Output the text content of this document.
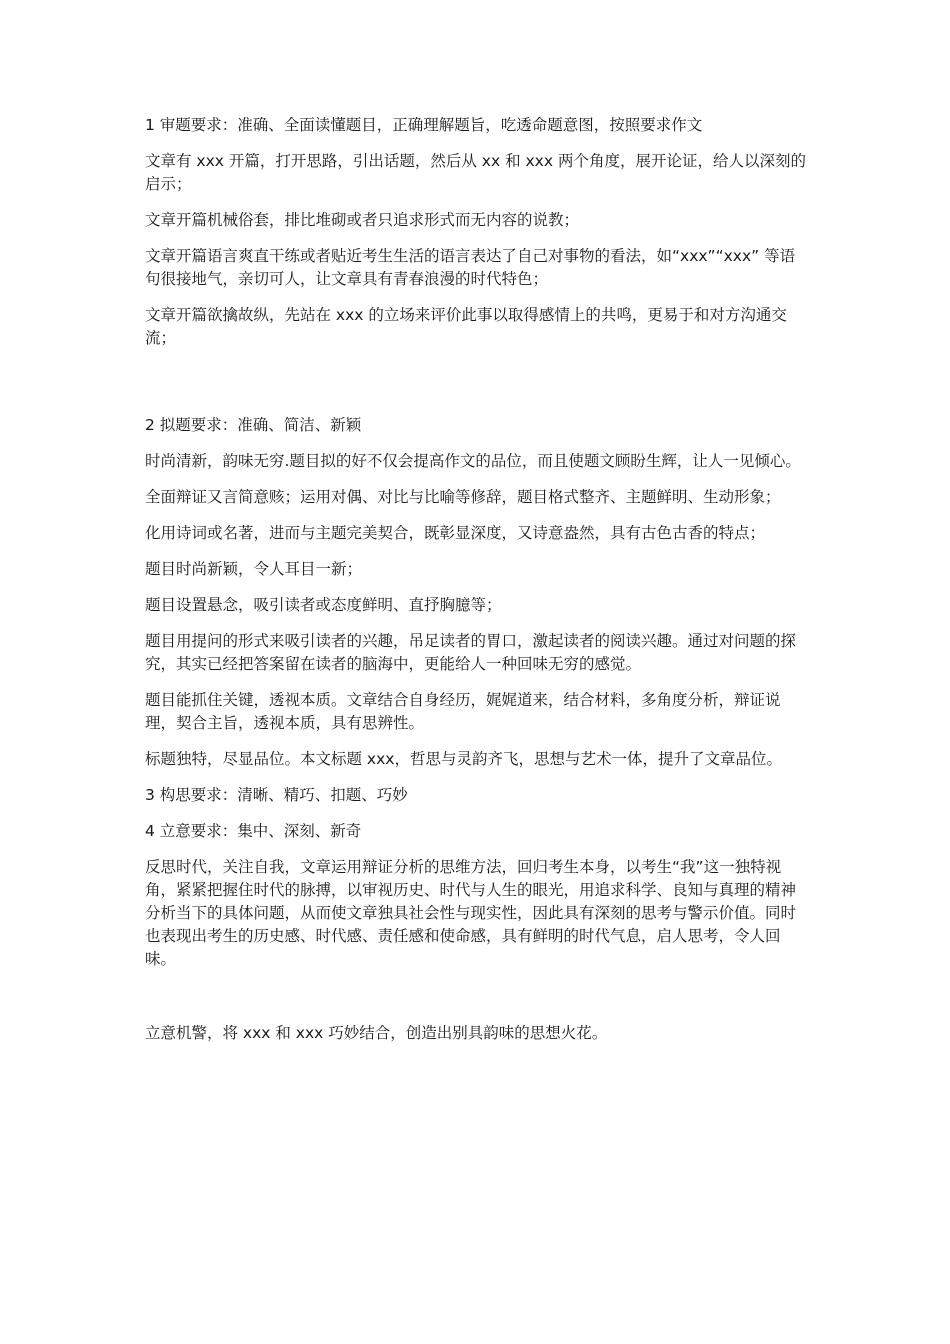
1 审题要求：准确、全面读懂题目，正确理解题旨，吃透命题意图，按照要求作文

文章有 xxx 开篇，打开思路，引出话题，然后从 xx 和 xxx 两个角度，展开论证，给人以深刻的启示；

文章开篇机械俗套，排比堆砌或者只追求形式而无内容的说教；

文章开篇语言爽直干练或者贴近考生生活的语言表达了自己对事物的看法，如“xxx”“xxx” 等语句很接地气，亲切可人，让文章具有青春浪漫的时代特色；

文章开篇欲擒故纵，先站在 xxx 的立场来评价此事以取得感情上的共鸣，更易于和对方沟通交流；

2 拟题要求：准确、简洁、新颖

时尚清新，韵味无穷.题目拟的好不仅会提高作文的品位，而且使题文顾盼生辉，让人一见倾心。

全面辩证又言简意赅；运用对偶、对比与比喻等修辞，题目格式整齐、主题鲜明、生动形象；

化用诗词或名著，进而与主题完美契合，既彰显深度，又诗意盎然，具有古色古香的特点；

题目时尚新颖，令人耳目一新；

题目设置悬念，吸引读者或态度鲜明、直抒胸臆等；

题目用提问的形式来吸引读者的兴趣，吊足读者的胃口，激起读者的阅读兴趣。通过对问题的探究，其实已经把答案留在读者的脑海中，更能给人一种回味无穷的感觉。

题目能抓住关键，透视本质。文章结合自身经历，娓娓道来，结合材料，多角度分析，辩证说理，契合主旨，透视本质，具有思辨性。

标题独特，尽显品位。本文标题 xxx，哲思与灵韵齐飞，思想与艺术一体，提升了文章品位。

3 构思要求：清晰、精巧、扣题、巧妙

4 立意要求：集中、深刻、新奇

反思时代，关注自我，文章运用辩证分析的思维方法，回归考生本身，以考生“我”这一独特视角，紧紧把握住时代的脉搏，以审视历史、时代与人生的眼光，用追求科学、良知与真理的精神分析当下的具体问题，从而使文章独具社会性与现实性，因此具有深刻的思考与警示价值。同时也表现出考生的历史感、时代感、责任感和使命感，具有鲜明的时代气息，启人思考，令人回味。

立意机警，将 xxx 和 xxx 巧妙结合，创造出别具韵味的思想火花。
